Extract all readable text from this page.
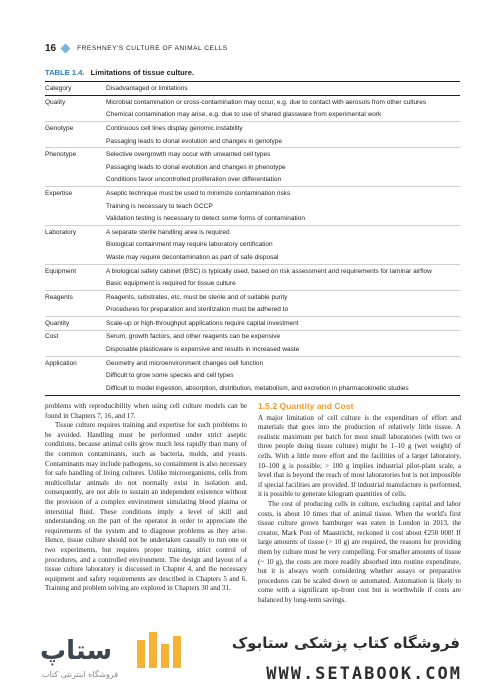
16	FRESHNEY'S CULTURE OF ANIMAL CELLS
TABLE 1.4. Limitations of tissue culture.
Category	Disadvantaged or limitations
Quality	Microbial contamination or cross-contamination may occur, e.g. due to contact with aerosols from other cultures
Chemical contamination may arise, e.g. due to use of shared glassware from experimental work
Genotype	Continuous cell lines display genomic instability
Passaging leads to clonal evolution and changes in genotype
Phenotype	Selective overgrowth may occur with unwanted cell types
Passaging leads to clonal evolution and changes in phenotype
Conditions favor uncontrolled proliferation over differentiation
Expertise	Aseptic technique must be used to minimize contamination risks
Training is necessary to teach GCCP
Validation testing is necessary to detect some forms of contamination
Laboratory	A separate sterile handling area is required
Biological containment may require laboratory certification
Waste may require decontamination as part of safe disposal
Equipment	A biological safety cabinet (BSC) is typically used, based on risk assessment and requirements for laminar airflow
Basic equipment is required for tissue culture
Reagents	Reagents, substrates, etc. must be sterile and of suitable purity
Procedures for preparation and sterilization must be adhered to
Quantity	Scale-up or high-throughput applications require capital investment
Cost	Serum, growth factors, and other reagents can be expensive
Disposable plasticware is expensive and results in increased waste
Application	Geometry and microenvironment changes cell function
Difficult to grow some species and cell types
Difficult to model ingestion, absorption, distribution, metabolism, and excretion in pharmacokinetic studies

problems with reproducibility when using cell culture models can be found in Chapters 7, 16, and 17.

Tissue culture requires training and expertise for such problems to be avoided. Handling must be performed under strict aseptic conditions, because animal cells grow much less rapidly than many of the common contaminants, such as bacteria, molds, and yeasts. Contaminants may include pathogens, so containment is also necessary for safe handling of living cultures. Unlike microorganisms, cells from multicellular animals do not normally exist in isolation and, consequently, are not able to sustain an independent existence without the provision of a complex environment simulating blood plasma or interstitial fluid. These conditions imply a level of skill and understanding on the part of the operator in order to appreciate the requirements of the system and to diagnose problems as they arise. Hence, tissue culture should not be undertaken casually to run one or two experiments, but requires proper training, strict control of procedures, and a controlled environment. The design and layout of a tissue culture laboratory is discussed in Chapter 4, and the necessary equipment and safety requirements are described in Chapters 5 and 6. Training and problem solving are explored in Chapters 30 and 31.

1.5.2 Quantity and Cost

A major limitation of cell culture is the expenditure of effort and materials that goes into the production of relatively little tissue. A realistic maximum per batch for most small laboratories (with two or three people doing tissue culture) might be 1–10 g (wet weight) of cells. With a little more effort and the facilities of a larger laboratory, 10–100 g is possible; > 100 g implies industrial pilot-plant scale, a level that is beyond the reach of most laboratories but is not impossible if special facilities are provided. If industrial manufacture is performed, it is possible to generate kilogram quantities of cells.

The cost of producing cells in culture, excluding capital and labor costs, is about 10 times that of animal tissue. When the world's first tissue culture grown hamburger was eaten in London in 2013, the creator, Mark Post of Maastricht, reckoned it cost about €250 000! If large amounts of tissue (> 10 g) are required, the reasons for providing them by culture must be very compelling. For smaller amounts of tissue (~ 10 g), the costs are more readily absorbed into routine expenditure, but it is always worth considering whether assays or preparative procedures can be scaled down or automated. Automation is likely to come with a significant up-front cost but is worthwhile if costs are balanced by long-term savings.

ستاپ
فروشگاه اینترنتی کتاب
فروشگاه کتاب پزشکی ستابوک
WWW.SETABOOK.COM
